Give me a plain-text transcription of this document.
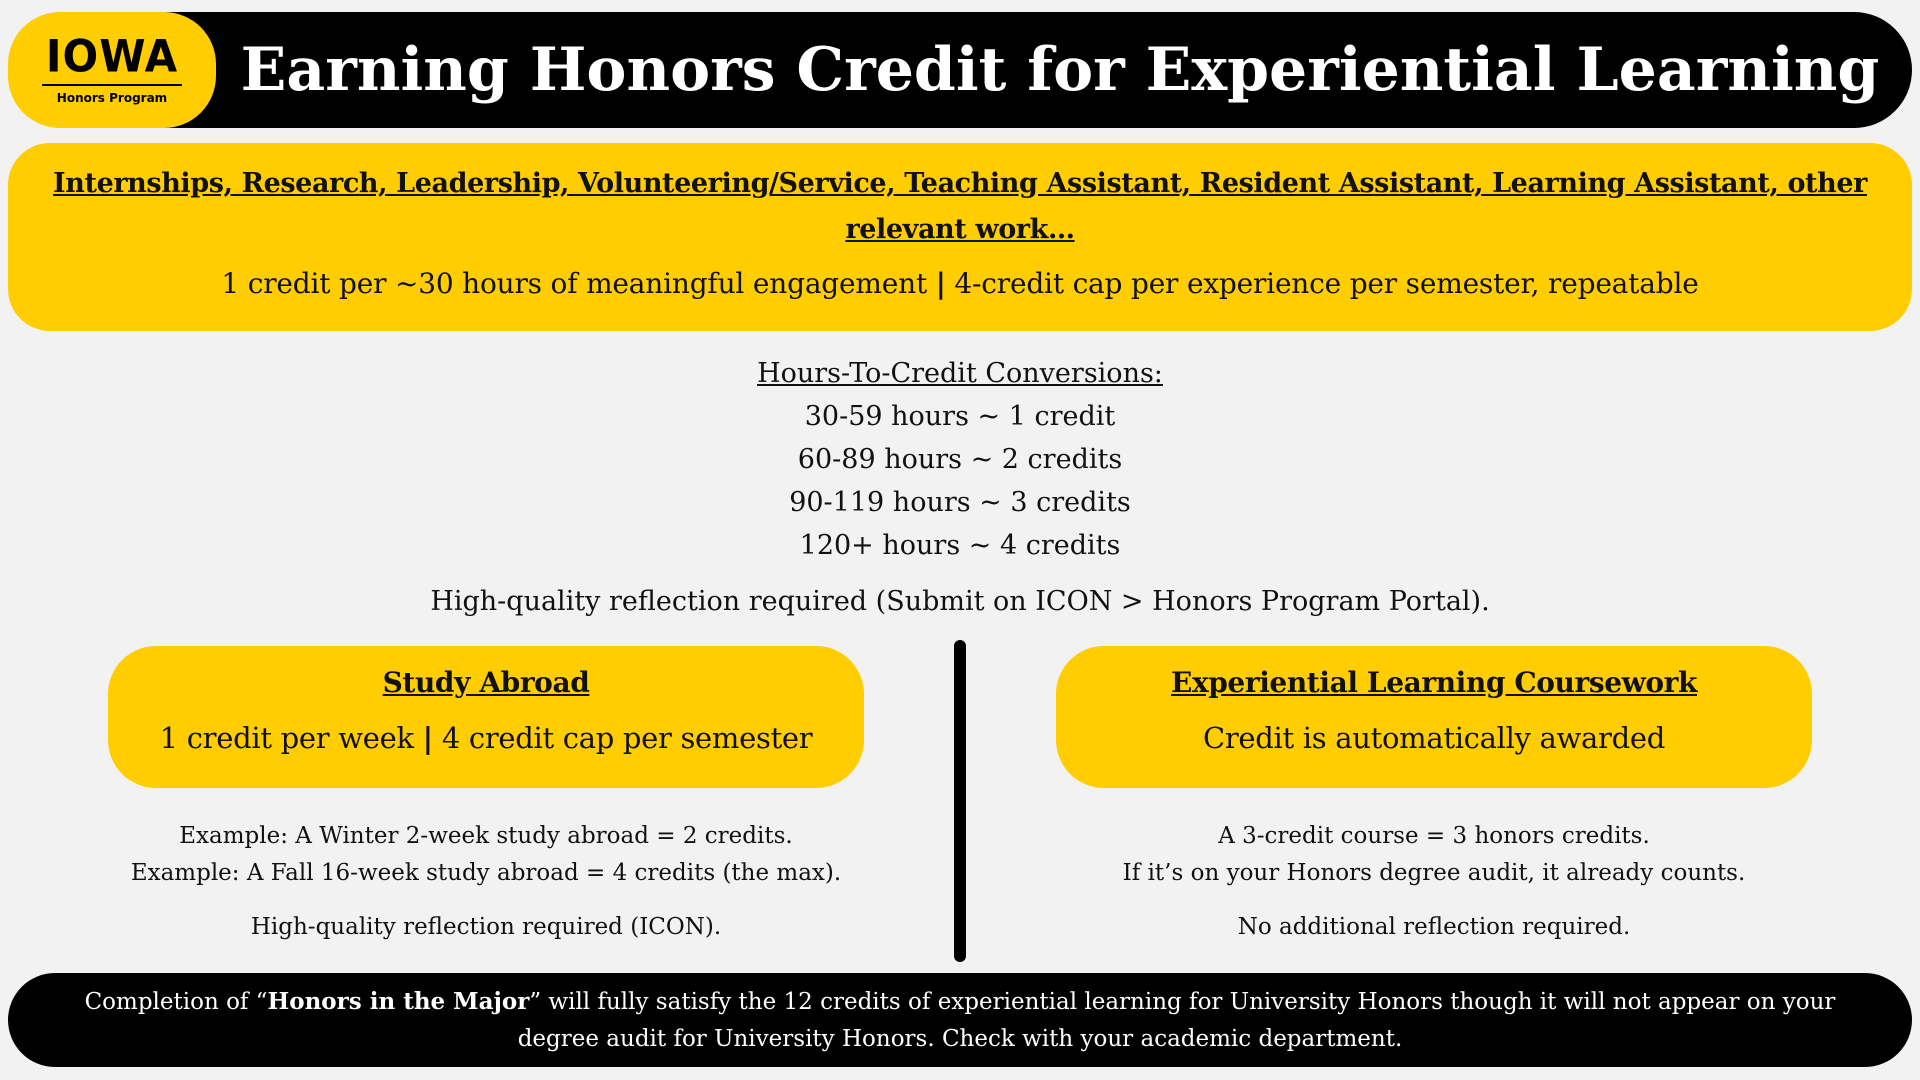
IOWA
Honors Program Earning Honors Credit for Experiential Learning
Internships, Research, Leadership, Volunteering/Service, Teaching Assistant, Resident Assistant, Learning Assistant, other relevant work…

1 credit per ~30 hours of meaningful engagement | 4-credit cap per experience per semester, repeatable

Hours-To-Credit Conversions:
30-59 hours ~ 1 credit
60-89 hours ~ 2 credits
90-119 hours ~ 3 credits
120+ hours ~ 4 credits
High-quality reflection required (Submit on ICON > Honors Program Portal).
Study Abroad

1 credit per week | 4 credit cap per semester

Experiential Learning Coursework

Credit is automatically awarded

Example: A Winter 2-week study abroad = 2 credits.
Example: A Fall 16-week study abroad = 4 credits (the max).
High-quality reflection required (ICON).
A 3-credit course = 3 honors credits.
If it’s on your Honors degree audit, it already counts.
No additional reflection required.
Completion of “Honors in the Major” will fully satisfy the 12 credits of experiential learning for University Honors though it will not appear on your degree audit for University Honors. Check with your academic department.
